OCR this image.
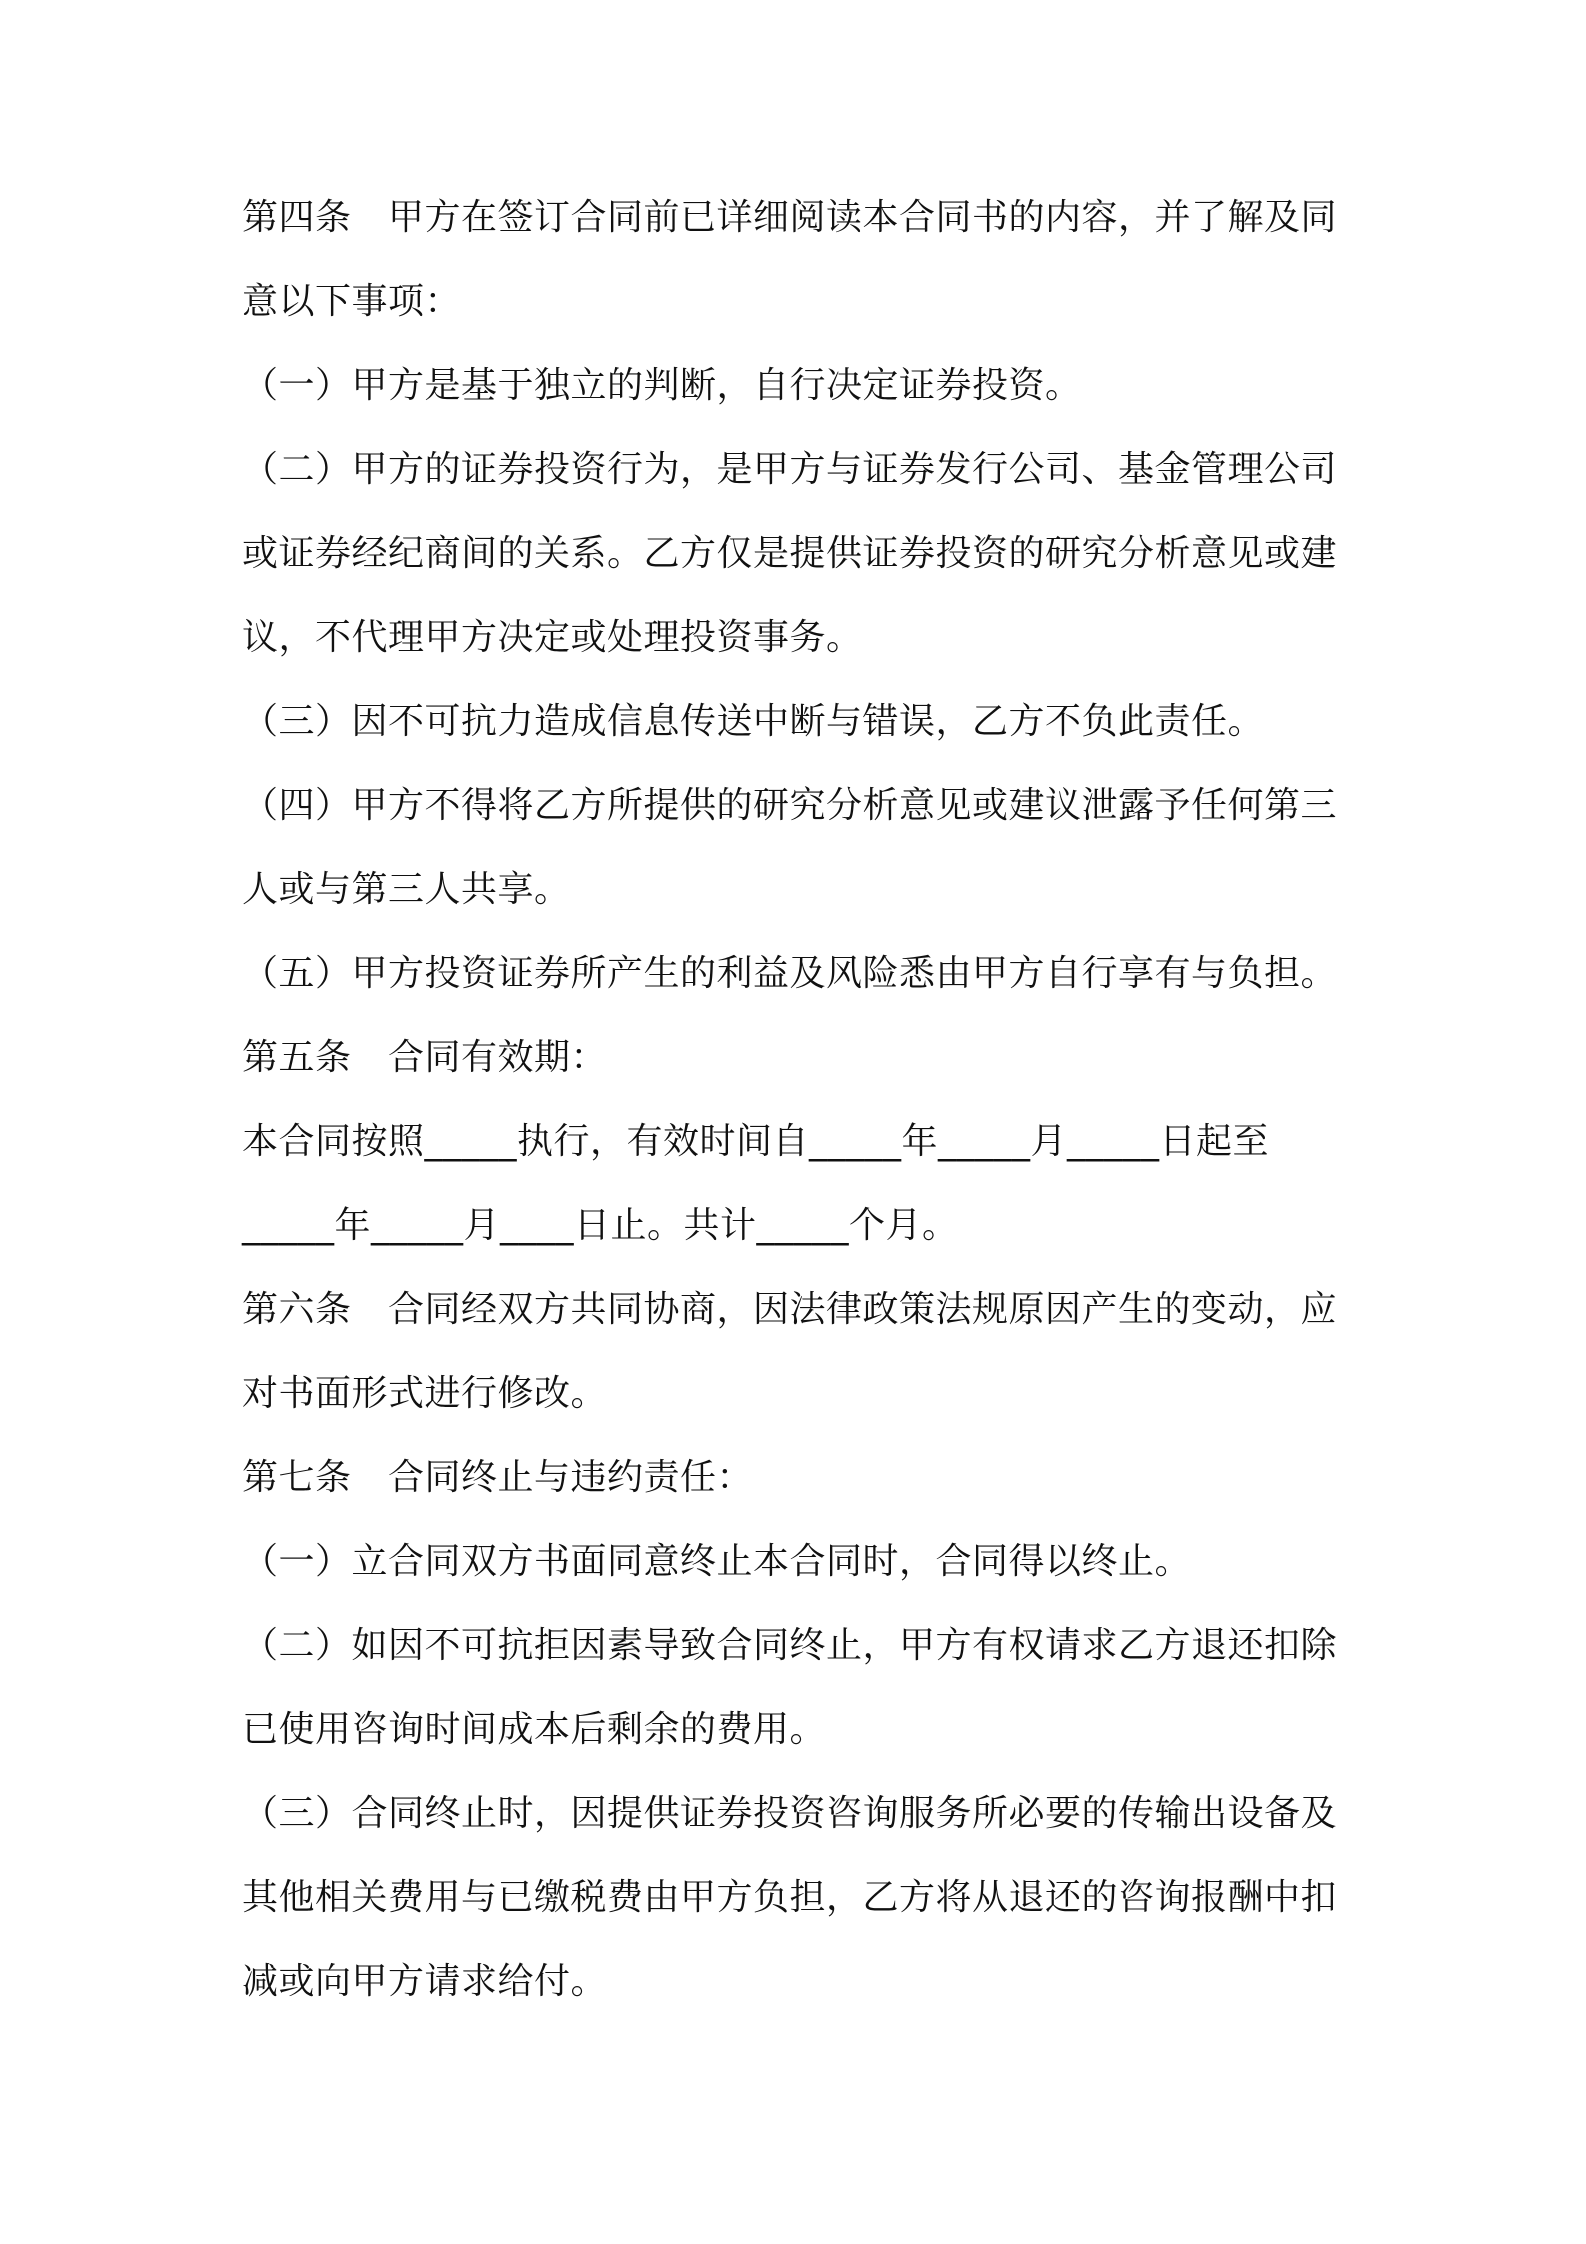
第四条　甲方在签订合同前已详细阅读本合同书的内容，并了解及同
意以下事项：
（一）甲方是基于独立的判断，自行决定证券投资。
（二）甲方的证券投资行为，是甲方与证券发行公司、基金管理公司
或证券经纪商间的关系。乙方仅是提供证券投资的研究分析意见或建
议，不代理甲方决定或处理投资事务。
（三）因不可抗力造成信息传送中断与错误，乙方不负此责任。
（四）甲方不得将乙方所提供的研究分析意见或建议泄露予任何第三
人或与第三人共享。
（五）甲方投资证券所产生的利益及风险悉由甲方自行享有与负担。
第五条　合同有效期：
本合同按照_____执行，有效时间自_____年_____月_____日起至
_____年_____月____日止。共计_____个月。
第六条　合同经双方共同协商，因法律政策法规原因产生的变动，应
对书面形式进行修改。
第七条　合同终止与违约责任：
（一）立合同双方书面同意终止本合同时，合同得以终止。
（二）如因不可抗拒因素导致合同终止，甲方有权请求乙方退还扣除
已使用咨询时间成本后剩余的费用。
（三）合同终止时，因提供证券投资咨询服务所必要的传输出设备及
其他相关费用与已缴税费由甲方负担，乙方将从退还的咨询报酬中扣
减或向甲方请求给付。
